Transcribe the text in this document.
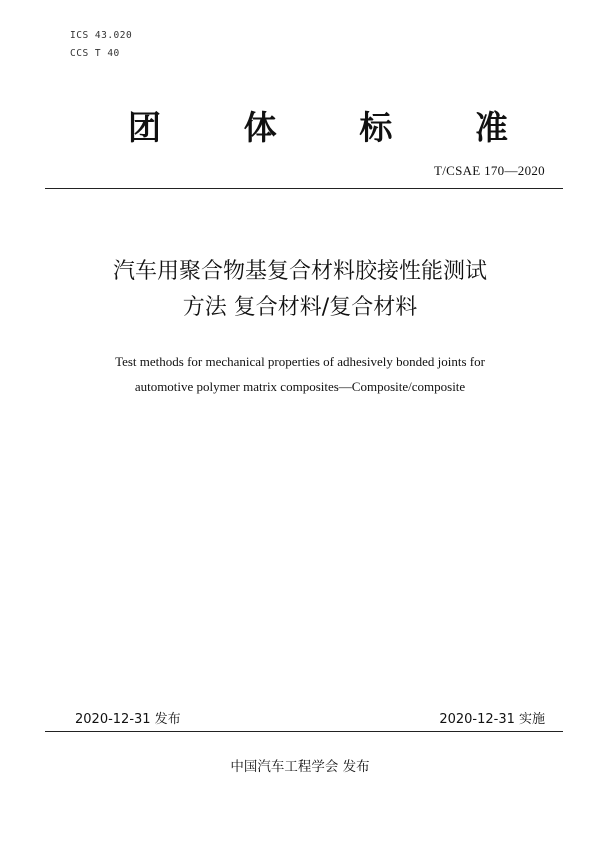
ICS 43.020
CCS T 40
团	体	标	准
T/CSAE 170—2020
汽车用聚合物基复合材料胶接性能测试
方法 复合材料/复合材料
Test methods for mechanical properties of adhesively bonded joints for
automotive polymer matrix composites—Composite/composite
2020-12-31 发布	2020-12-31 实施
中国汽车工程学会 发布
